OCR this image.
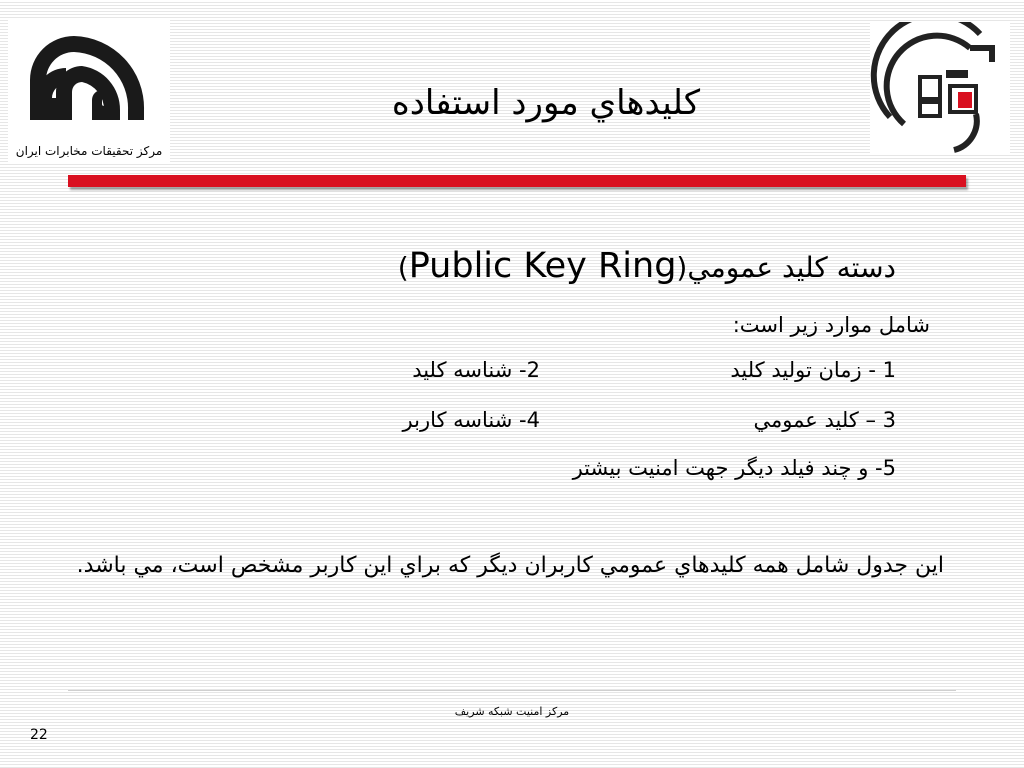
مرکز تحقیقات مخابرات ایران
کليدهاي مورد استفاده
دسته کليد عمومي(Public Key Ring)
شامل موارد زير است:
1 - زمان توليد کليد
2- شناسه کليد
3 – کليد عمومي
4- شناسه کاربر
5- و چند فيلد ديگر جهت امنيت بيشتر
اين جدول شامل همه کليدهاي عمومي کاربران ديگر که براي اين کاربر مشخص است، مي باشد.
مرکز امنیت شبکه شریف
22
